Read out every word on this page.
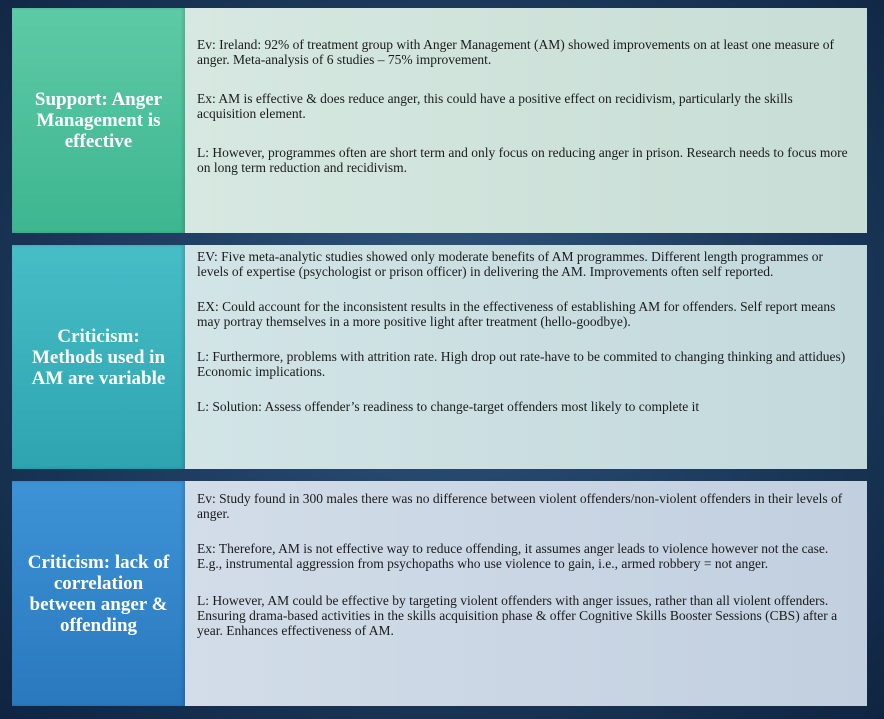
Support: Anger Management is effective

Ev: Ireland: 92% of treatment group with Anger Management (AM) showed improvements on at least one measure of anger. Meta-analysis of 6 studies – 75% improvement.

Ex: AM is effective & does reduce anger, this could have a positive effect on recidivism, particularly the skills acquisition element.

L: However, programmes often are short term and only focus on reducing anger in prison. Research needs to focus more on long term reduction and recidivism.

Criticism: Methods used in AM are variable

EV: Five meta-analytic studies showed only moderate benefits of AM programmes. Different length programmes or levels of expertise (psychologist or prison officer) in delivering the AM. Improvements often self reported.

EX: Could account for the inconsistent results in the effectiveness of establishing AM for offenders. Self report means may portray themselves in a more positive light after treatment (hello-goodbye).

L: Furthermore, problems with attrition rate. High drop out rate-have to be commited to changing thinking and attidues) Economic implications.

L: Solution: Assess offender’s readiness to change-target offenders most likely to complete it

Criticism: lack of correlation between anger & offending

Ev: Study found in 300 males there was no difference between violent offenders/non-violent offenders in their levels of anger.

Ex: Therefore, AM is not effective way to reduce offending, it assumes anger leads to violence however not the case. E.g., instrumental aggression from psychopaths who use violence to gain, i.e., armed robbery = not anger.

L: However, AM could be effective by targeting violent offenders with anger issues, rather than all violent offenders. Ensuring drama-based activities in the skills acquisition phase & offer Cognitive Skills Booster Sessions (CBS) after a year. Enhances effectiveness of AM.
